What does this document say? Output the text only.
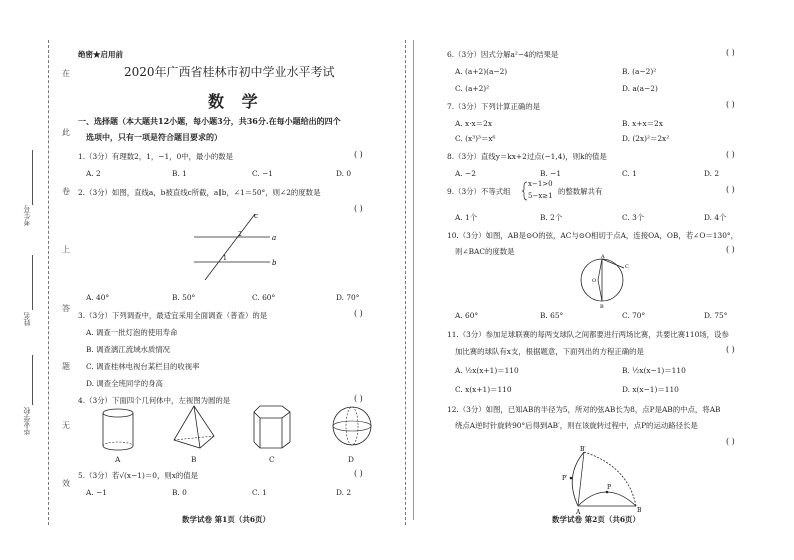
在
此
卷
上
答
题
无
效
考生号
姓名
毕业学校
绝密★启用前
2020年广西省桂林市初中学业水平考试
数 学
一、选择题（本大题共12小题，每小题3分，共36分.在每小题给出的四个
选项中，只有一项是符合题目要求的）
1.（3分）有理数2，1，−1，0中，最小的数是	( )
A. 2	B. 1	C. −1	D. 0
2.（3分）如图，直线a，b被直线c所截，a∥b，∠1＝50°，则∠2的度数是
( )
c
2	a
1
b
A. 40°	B. 50°	C. 60°	D. 70°
3.（3分）下列调查中，最适宜采用全面调查（普查）的是	( )
A. 调查一批灯泡的使用寿命
B. 调查漓江流域水质情况
C. 调查桂林电视台某栏目的收视率
D. 调查全班同学的身高
4.（3分）下面四个几何体中，左视图为圆的是	( )
A	B	C	D
5.（3分）若√(x−1)＝0，则x的值是	( )
A. −1	B. 0	C. 1	D. 2
数学试卷 第1页（共6页）
6.（3分）因式分解a²−4的结果是	( )
A. (a+2)(a−2)	B. (a−2)²
C. (a+2)²	D. a(a−2)
7.（3分）下列计算正确的是	( )
A. x·x＝2x	B. x+x＝2x
C. (x³)³＝x⁶	D. (2x)²＝2x²
8.（3分）直线y＝kx+2过点(−1,4)，则k的值是	( )
A. −2	B. −1	C. 1	D. 2
9.（3分）不等式组
x−1>0
5−x≥1 的整数解共有	( )
A. 1个	B. 2个	C. 3个	D. 4个
10.（3分）如图，AB是⊙O的弦，AC与⊙O相切于点A，连接OA，OB，若∠O＝130°，
则∠BAC的度数是	( )
A
C
O
B
A. 60°	B. 65°	C. 70°	D. 75°
11.（3分）参加足球联赛的每两支球队之间都要进行两场比赛，共要比赛110场，设参
加比赛的球队有x支，根据题意，下面列出的方程正确的是	( )
A. ½x(x+1)＝110	B. ½x(x−1)＝110
C. x(x+1)＝110	D. x(x−1)＝110
12.（3分）如图，已知AB的半径为5，所对的弦AB长为8，点P是AB的中点，将AB
绕点A逆时针旋转90°后得到AB′，则在该旋转过程中，点P的运动路径长是
( )
B′
P′
P
A	B
数学试卷 第2页（共6页）
